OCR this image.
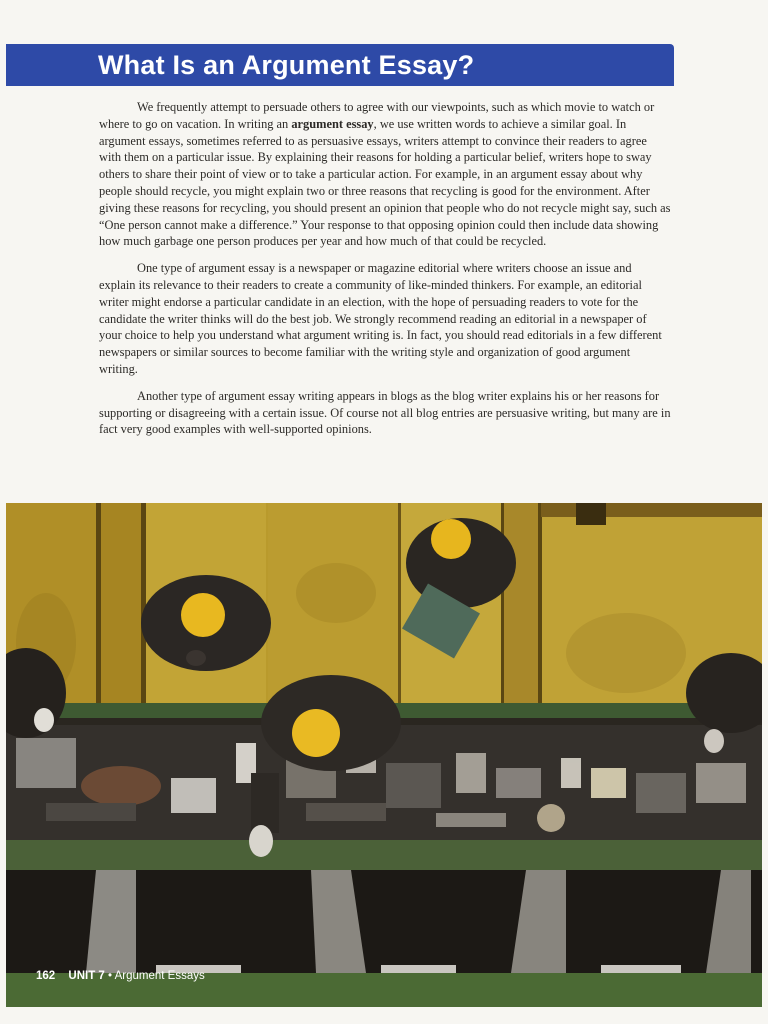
What Is an Argument Essay?

We frequently attempt to persuade others to agree with our viewpoints, such as which movie to watch or where to go on vacation. In writing an argument essay, we use written words to achieve a similar goal. In argument essays, sometimes referred to as persuasive essays, writers attempt to convince their readers to agree with them on a particular issue. By explaining their reasons for holding a particular belief, writers hope to sway others to share their point of view or to take a particular action. For example, in an argument essay about why people should recycle, you might explain two or three reasons that recycling is good for the environment. After giving these reasons for recycling, you should present an opinion that people who do not recycle might say, such as “One person cannot make a difference.” Your response to that opposing opinion could then include data showing how much garbage one person produces per year and how much of that could be recycled.

One type of argument essay is a newspaper or magazine editorial where writers choose an issue and explain its relevance to their readers to create a community of like-minded thinkers. For example, an editorial writer might endorse a particular candidate in an election, with the hope of persuading readers to vote for the candidate the writer thinks will do the best job. We strongly recommend reading an editorial in a newspaper of your choice to help you understand what argument writing is. In fact, you should read editorials in a few different newspapers or similar sources to become familiar with the writing style and organization of good argument writing.

Another type of argument essay writing appears in blogs as the blog writer explains his or her reasons for supporting or disagreeing with a certain issue. Of course not all blog entries are persuasive writing, but many are in fact very good examples with well-supported opinions.

162 UNIT 7 • Argument Essays
